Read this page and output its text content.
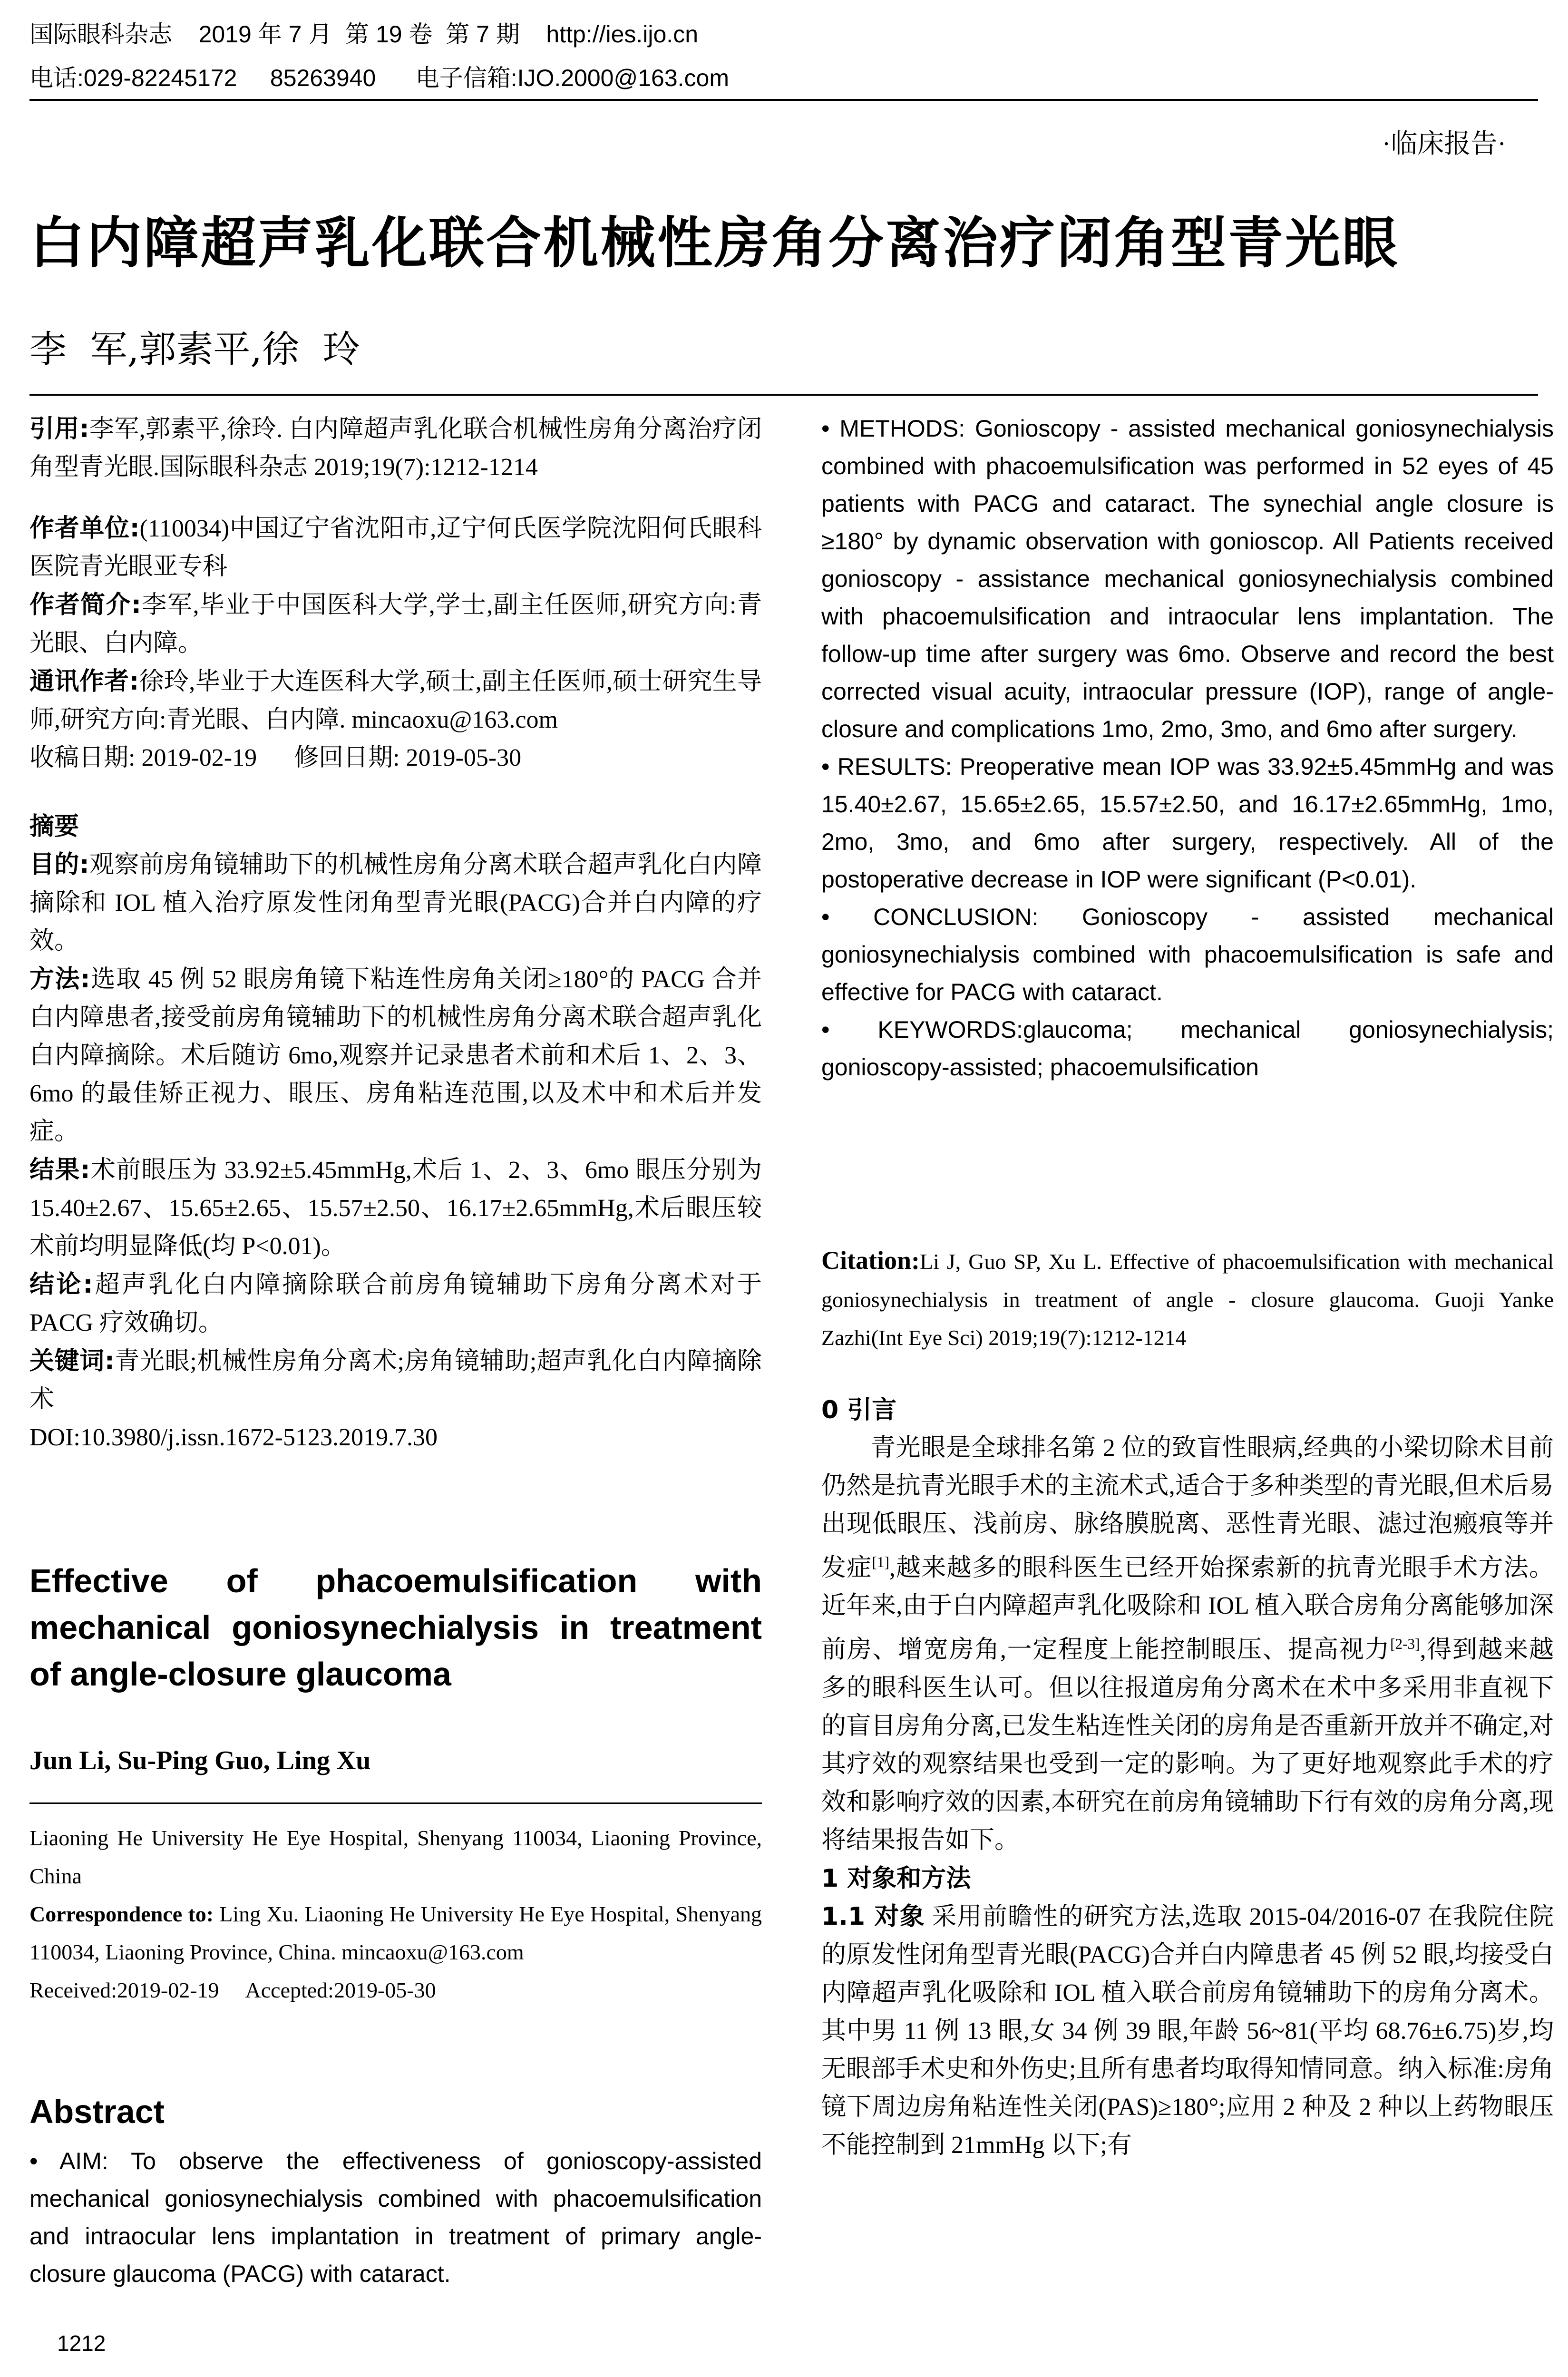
国际眼科杂志    2019 年 7 月  第 19 卷  第 7 期    http://ies.ijo.cn
电话:029-82245172     85263940      电子信箱:IJO.2000@163.com
·临床报告·
白内障超声乳化联合机械性房角分离治疗闭角型青光眼
李  军,郭素平,徐  玲

引用:李军,郭素平,徐玲. 白内障超声乳化联合机械性房角分离治疗闭角型青光眼.国际眼科杂志 2019;19(7):1212-1214

作者单位:(110034)中国辽宁省沈阳市,辽宁何氏医学院沈阳何氏眼科医院青光眼亚专科

作者简介:李军,毕业于中国医科大学,学士,副主任医师,研究方向:青光眼、白内障。

通讯作者:徐玲,毕业于大连医科大学,硕士,副主任医师,硕士研究生导师,研究方向:青光眼、白内障. mincaoxu@163.com

收稿日期: 2019-02-19      修回日期: 2019-05-30

摘要

目的:观察前房角镜辅助下的机械性房角分离术联合超声乳化白内障摘除和 IOL 植入治疗原发性闭角型青光眼(PACG)合并白内障的疗效。

方法:选取 45 例 52 眼房角镜下粘连性房角关闭≥180°的 PACG 合并白内障患者,接受前房角镜辅助下的机械性房角分离术联合超声乳化白内障摘除。术后随访 6mo,观察并记录患者术前和术后 1、2、3、6mo 的最佳矫正视力、眼压、房角粘连范围,以及术中和术后并发症。

结果:术前眼压为 33.92±5.45mmHg,术后 1、2、3、6mo 眼压分别为 15.40±2.67、15.65±2.65、15.57±2.50、16.17±2.65mmHg,术后眼压较术前均明显降低(均 P<0.01)。

结论:超声乳化白内障摘除联合前房角镜辅助下房角分离术对于 PACG 疗效确切。

关键词:青光眼;机械性房角分离术;房角镜辅助;超声乳化白内障摘除术

DOI:10.3980/j.issn.1672-5123.2019.7.30

Effective of phacoemulsification with mechanical goniosynechialysis in treatment of angle-closure glaucoma
Jun Li, Su-Ping Guo, Ling Xu

Liaoning He University He Eye Hospital, Shenyang 110034, Liaoning Province, China

Correspondence to: Ling Xu. Liaoning He University He Eye Hospital, Shenyang 110034, Liaoning Province, China. mincaoxu@163.com

Received:2019-02-19     Accepted:2019-05-30

Abstract

• AIM: To observe the effectiveness of gonioscopy-assisted mechanical goniosynechialysis combined with phacoemulsification and intraocular lens implantation in treatment of primary angle-closure glaucoma (PACG) with cataract.

• METHODS: Gonioscopy - assisted mechanical goniosynechialysis combined with phacoemulsification was performed in 52 eyes of 45 patients with PACG and cataract. The synechial angle closure is ≥180° by dynamic observation with gonioscop. All Patients received gonioscopy - assistance mechanical goniosynechialysis combined with phacoemulsification and intraocular lens implantation. The follow-up time after surgery was 6mo. Observe and record the best corrected visual acuity, intraocular pressure (IOP), range of angle-closure and complications 1mo, 2mo, 3mo, and 6mo after surgery.

• RESULTS: Preoperative mean IOP was 33.92±5.45mmHg and was 15.40±2.67, 15.65±2.65, 15.57±2.50, and 16.17±2.65mmHg, 1mo, 2mo, 3mo, and 6mo after surgery, respectively. All of the postoperative decrease in IOP were significant (P<0.01).

• CONCLUSION: Gonioscopy - assisted mechanical goniosynechialysis combined with phacoemulsification is safe and effective for PACG with cataract.

• KEYWORDS:glaucoma; mechanical goniosynechialysis; gonioscopy-assisted; phacoemulsification

Citation:Li J, Guo SP, Xu L. Effective of phacoemulsification with mechanical goniosynechialysis in treatment of angle - closure glaucoma. Guoji Yanke Zazhi(Int Eye Sci) 2019;19(7):1212-1214

0 引言

青光眼是全球排名第 2 位的致盲性眼病,经典的小梁切除术目前仍然是抗青光眼手术的主流术式,适合于多种类型的青光眼,但术后易出现低眼压、浅前房、脉络膜脱离、恶性青光眼、滤过泡瘢痕等并发症[1],越来越多的眼科医生已经开始探索新的抗青光眼手术方法。近年来,由于白内障超声乳化吸除和 IOL 植入联合房角分离能够加深前房、增宽房角,一定程度上能控制眼压、提高视力[2-3],得到越来越多的眼科医生认可。但以往报道房角分离术在术中多采用非直视下的盲目房角分离,已发生粘连性关闭的房角是否重新开放并不确定,对其疗效的观察结果也受到一定的影响。为了更好地观察此手术的疗效和影响疗效的因素,本研究在前房角镜辅助下行有效的房角分离,现将结果报告如下。

1 对象和方法

1.1 对象 采用前瞻性的研究方法,选取 2015-04/2016-07 在我院住院的原发性闭角型青光眼(PACG)合并白内障患者 45 例 52 眼,均接受白内障超声乳化吸除和 IOL 植入联合前房角镜辅助下的房角分离术。其中男 11 例 13 眼,女 34 例 39 眼,年龄 56~81(平均 68.76±6.75)岁,均无眼部手术史和外伤史;且所有患者均取得知情同意。纳入标准:房角镜下周边房角粘连性关闭(PAS)≥180°;应用 2 种及 2 种以上药物眼压不能控制到 21mmHg 以下;有

1212
